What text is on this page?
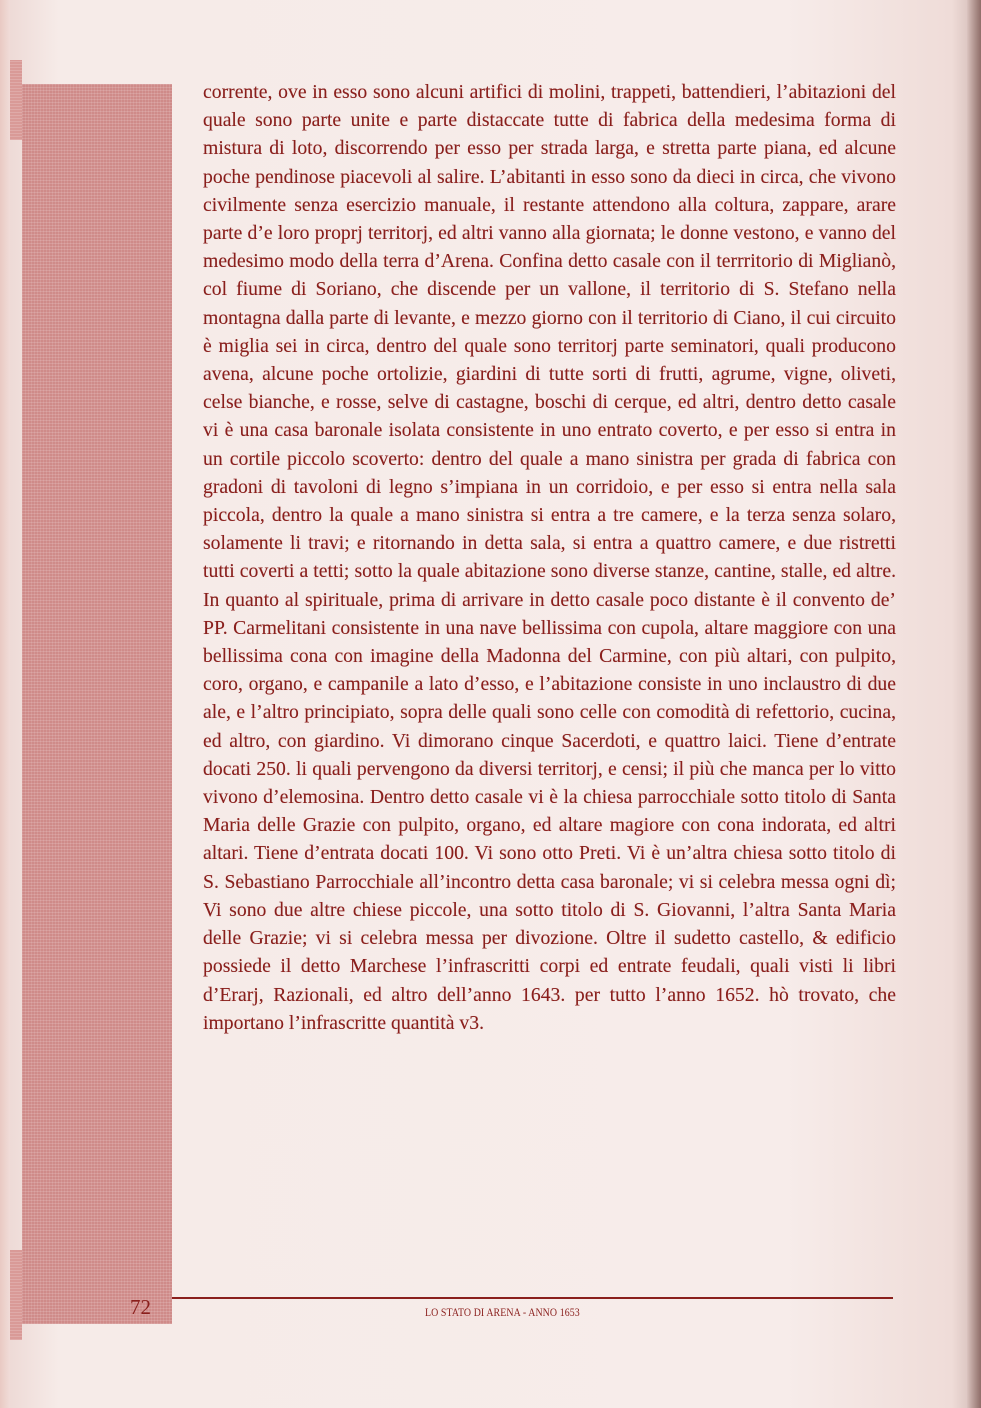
corrente, ove in esso sono alcuni artifici di molini, trappeti, battendieri, l’abitazioni del quale sono parte unite e parte distaccate tutte di fabrica della medesima forma di mistura di loto, discorrendo per esso per strada larga, e stretta parte piana, ed alcune poche pendinose piacevoli al salire. L’abitanti in esso sono da dieci in circa, che vivono civilmente senza esercizio manuale, il restante attendono alla coltura, zappare, arare parte d’e loro proprj territorj, ed altri vanno alla giornata; le donne vestono, e vanno del medesimo modo della terra d’Arena. Confina detto casale con il terrritorio di Miglianò, col fiume di Soriano, che discende per un vallone, il territorio di S. Stefano nella montagna dalla parte di levante, e mezzo giorno con il territorio di Ciano, il cui circuito è miglia sei in circa, dentro del quale sono territorj parte seminatori, quali producono avena, alcune poche ortolizie, giardini di tutte sorti di frutti, agrume, vigne, oliveti, celse bianche, e rosse, selve di castagne, boschi di cerque, ed altri, dentro detto casale vi è una casa baronale isolata consistente in uno entrato coverto, e per esso si entra in un cortile piccolo scoverto: dentro del quale a mano sinistra per grada di fabrica con gradoni di tavoloni di legno s’impiana in un corridoio, e per esso si entra nella sala piccola, dentro la quale a mano sinistra si entra a tre camere, e la terza senza solaro, solamente li travi; e ritornando in detta sala, si entra a quattro camere, e due ristretti tutti coverti a tetti; sotto la quale abitazione sono diverse stanze, cantine, stalle, ed altre. In quanto al spirituale, prima di arrivare in detto casale poco distante è il convento de’ PP. Carmelitani consistente in una nave bellissima con cupola, altare maggiore con una bellissima cona con imagine della Madonna del Carmine, con più altari, con pulpito, coro, organo, e campanile a lato d’esso, e l’abitazione consiste in uno inclaustro di due ale, e l’altro principiato, sopra delle quali sono celle con comodità di refettorio, cucina, ed altro, con giardino. Vi dimorano cinque Sacerdoti, e quattro laici. Tiene d’entrate docati 250. li quali pervengono da diversi territorj, e censi; il più che manca per lo vitto vivono d’elemosina. Dentro detto casale vi è la chiesa parrocchiale sotto titolo di Santa Maria delle Grazie con pulpito, organo, ed altare magiore con cona indorata, ed altri altari. Tiene d’entrata docati 100. Vi sono otto Preti. Vi è un’altra chiesa sotto titolo di S. Sebastiano Parrocchiale all’incontro detta casa baronale; vi si celebra messa ogni dì; Vi sono due altre chiese piccole, una sotto titolo di S. Giovanni, l’altra Santa Maria delle Grazie; vi si celebra messa per divozione. Oltre il sudetto castello, & edificio possiede il detto Marchese l’infrascritti corpi ed entrate feudali, quali visti li libri d’Erarj, Razionali, ed altro dell’anno 1643. per tutto l’anno 1652. hò trovato, che importano l’infrascritte quantità v3.

72	LO STATO DI ARENA - ANNO 1653
